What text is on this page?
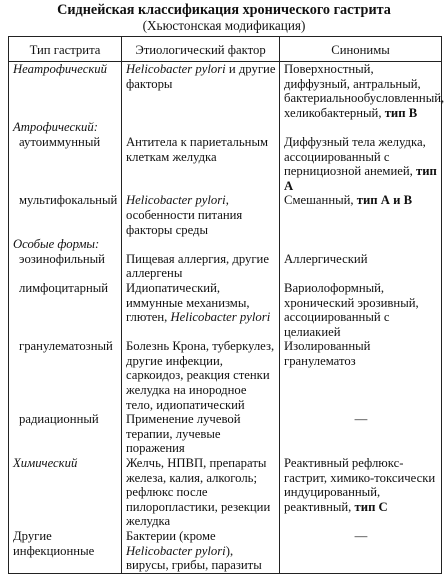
Сиднейская классификация хронического гастрита
(Хьюстонская модификация)
Тип гастрита	Этиологический фактор	Синонимы
Неатрофический	Helicobacter pylori и другие факторы	Поверхностный, диффузный, антральный, бактериальнообусловленный, хеликобактерный, тип В
Атрофический:		
аутоиммунный	Антитела к париетальным клеткам желудка	Диффузный тела желудка, ассоциированный с пернициозной анемией, тип А
мультифокальный	Helicobacter pylori, особенности питания факторы среды	Смешанный, тип А и В
Особые формы:		
эозинофильный	Пищевая аллергия, другие аллергены	Аллергический
лимфоцитарный	Идиопатический, иммунные механизмы, глютен, Helicobacter pylori	Вариолоформный, хронический эрозивный, ассоциированный с целиакией
гранулематозный	Болезнь Крона, туберкулез, другие инфекции, саркоидоз, реакция стенки желудка на инородное тело, идиопатический	Изолированный гранулематоз
радиационный	Применение лучевой терапии, лучевые поражения	—
Химический	Желчь, НПВП, препараты железа, калия, алкоголь; рефлюкс после пилоропластики, резекции желудка	Реактивный рефлюкс-гастрит, химико-токсически индуцированный, реактивный, тип С
Другие инфекционные	Бактерии (кроме Helicobacter pylori), вирусы, грибы, паразиты	—
